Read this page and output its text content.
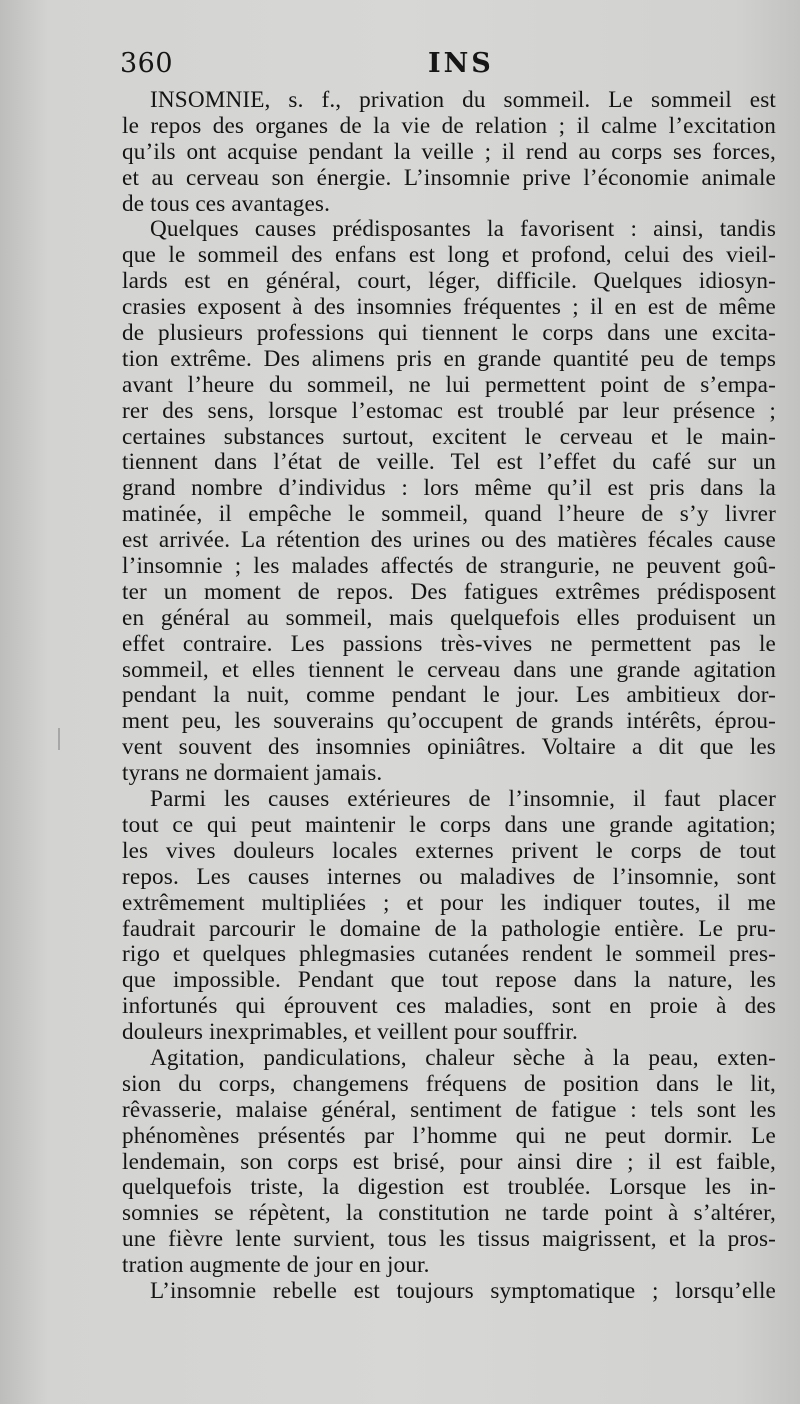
360	INS
INSOMNIE, s. f., privation du sommeil. Le sommeil est
le repos des organes de la vie de relation ; il calme l’excitation
qu’ils ont acquise pendant la veille ; il rend au corps ses forces,
et au cerveau son énergie. L’insomnie prive l’économie animale
de tous ces avantages.
Quelques causes prédisposantes la favorisent : ainsi, tandis
que le sommeil des enfans est long et profond, celui des vieil-
lards est en général, court, léger, difficile. Quelques idiosyn-
crasies exposent à des insomnies fréquentes ; il en est de même
de plusieurs professions qui tiennent le corps dans une excita-
tion extrême. Des alimens pris en grande quantité peu de temps
avant l’heure du sommeil, ne lui permettent point de s’empa-
rer des sens, lorsque l’estomac est troublé par leur présence ;
certaines substances surtout, excitent le cerveau et le main-
tiennent dans l’état de veille. Tel est l’effet du café sur un
grand nombre d’individus : lors même qu’il est pris dans la
matinée, il empêche le sommeil, quand l’heure de s’y livrer
est arrivée. La rétention des urines ou des matières fécales cause
l’insomnie ; les malades affectés de strangurie, ne peuvent goû-
ter un moment de repos. Des fatigues extrêmes prédisposent
en général au sommeil, mais quelquefois elles produisent un
effet contraire. Les passions très-vives ne permettent pas le
sommeil, et elles tiennent le cerveau dans une grande agitation
pendant la nuit, comme pendant le jour. Les ambitieux dor-
ment peu, les souverains qu’occupent de grands intérêts, éprou-
vent souvent des insomnies opiniâtres. Voltaire a dit que les
tyrans ne dormaient jamais.
Parmi les causes extérieures de l’insomnie, il faut placer
tout ce qui peut maintenir le corps dans une grande agitation;
les vives douleurs locales externes privent le corps de tout
repos. Les causes internes ou maladives de l’insomnie, sont
extrêmement multipliées ; et pour les indiquer toutes, il me
faudrait parcourir le domaine de la pathologie entière. Le pru-
rigo et quelques phlegmasies cutanées rendent le sommeil pres-
que impossible. Pendant que tout repose dans la nature, les
infortunés qui éprouvent ces maladies, sont en proie à des
douleurs inexprimables, et veillent pour souffrir.
Agitation, pandiculations, chaleur sèche à la peau, exten-
sion du corps, changemens fréquens de position dans le lit,
rêvasserie, malaise général, sentiment de fatigue : tels sont les
phénomènes présentés par l’homme qui ne peut dormir. Le
lendemain, son corps est brisé, pour ainsi dire ; il est faible,
quelquefois triste, la digestion est troublée. Lorsque les in-
somnies se répètent, la constitution ne tarde point à s’altérer,
une fièvre lente survient, tous les tissus maigrissent, et la pros-
tration augmente de jour en jour.
L’insomnie rebelle est toujours symptomatique ; lorsqu’elle
